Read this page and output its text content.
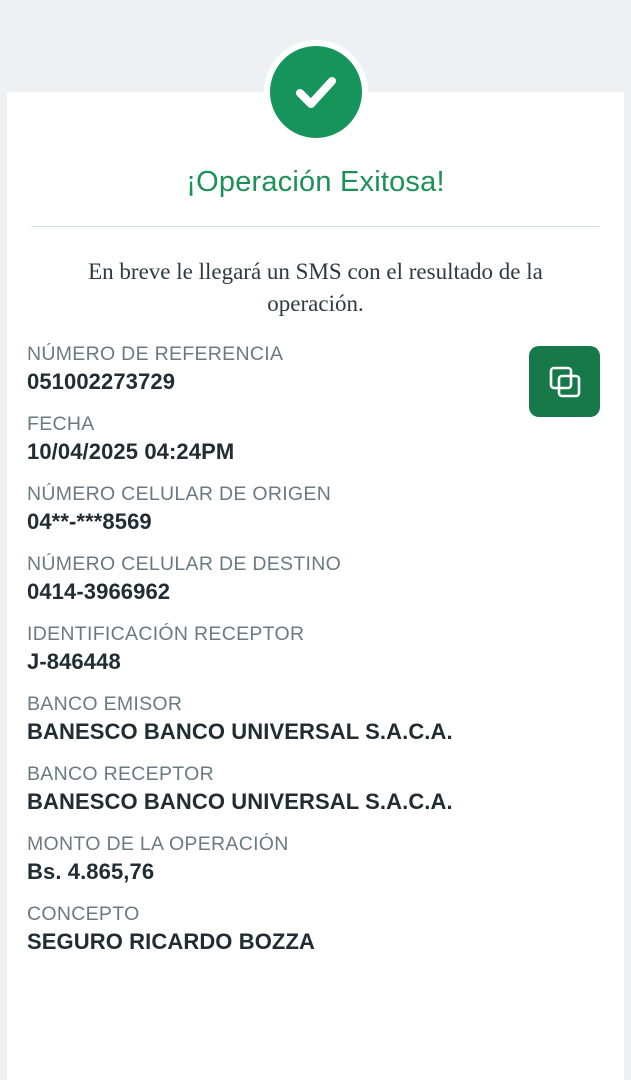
¡Operación Exitosa!
En breve le llegará un SMS con el resultado de la operación.
NÚMERO DE REFERENCIA
051002273729
FECHA
10/04/2025 04:24PM
NÚMERO CELULAR DE ORIGEN
04**-***8569
NÚMERO CELULAR DE DESTINO
0414-3966962
IDENTIFICACIÓN RECEPTOR
J-846448
BANCO EMISOR
BANESCO BANCO UNIVERSAL S.A.C.A.
BANCO RECEPTOR
BANESCO BANCO UNIVERSAL S.A.C.A.
MONTO DE LA OPERACIÓN
Bs. 4.865,76
CONCEPTO
SEGURO RICARDO BOZZA
